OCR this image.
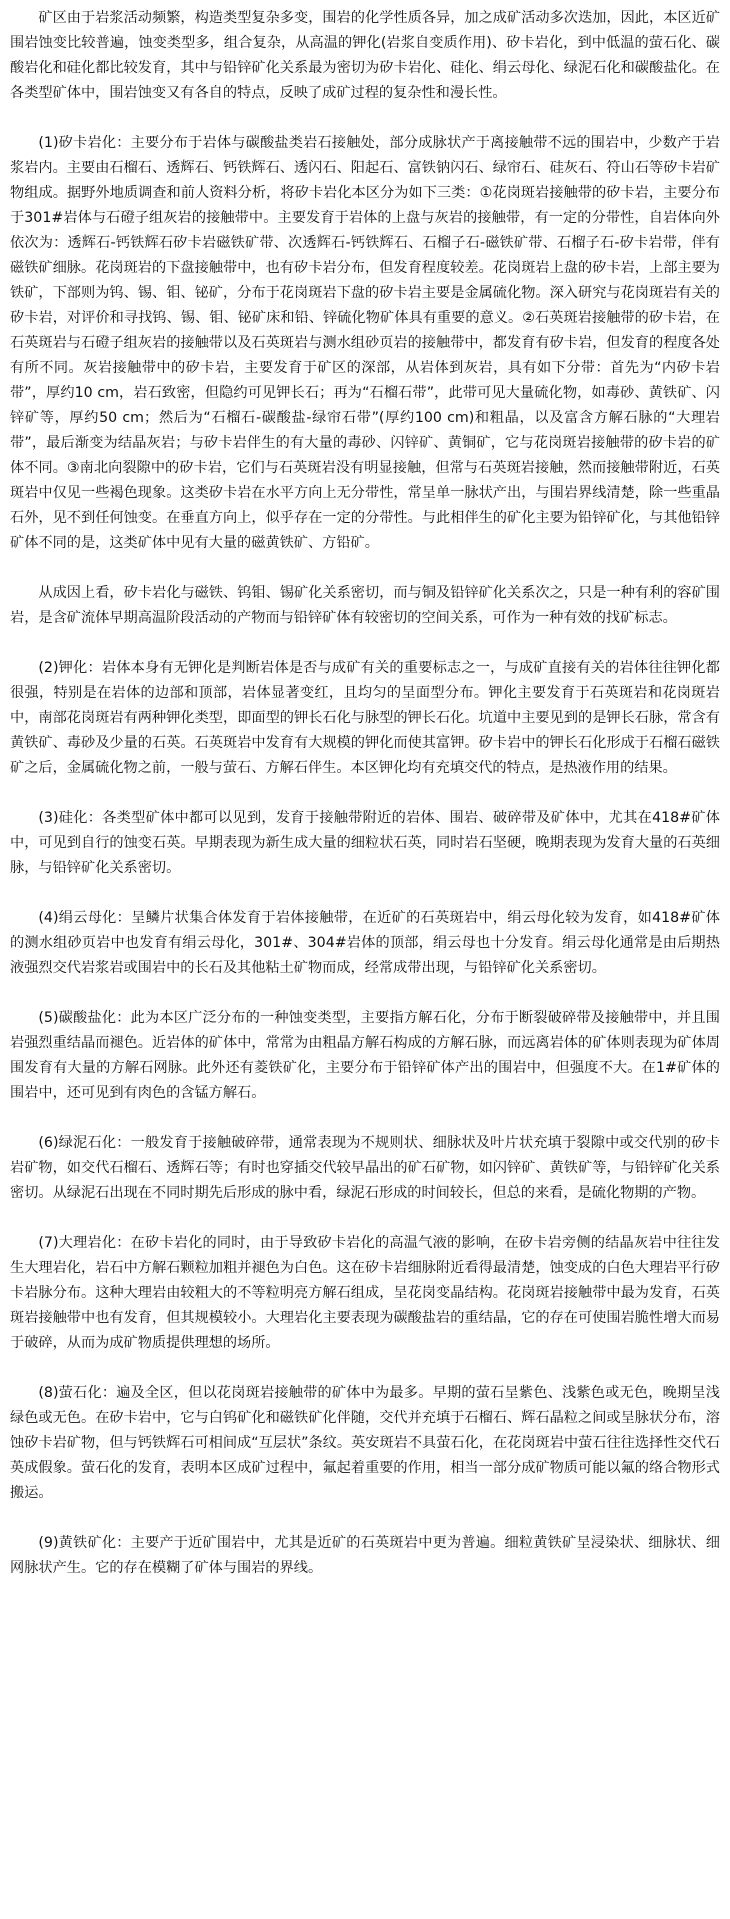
矿区由于岩浆活动频繁，构造类型复杂多变，围岩的化学性质各异，加之成矿活动多次迭加，因此，本区近矿围岩蚀变比较普遍，蚀变类型多，组合复杂，从高温的钾化(岩浆自变质作用)、矽卡岩化，到中低温的萤石化、碳酸岩化和硅化都比较发育，其中与铅锌矿化关系最为密切为矽卡岩化、硅化、绢云母化、绿泥石化和碳酸盐化。在各类型矿体中，围岩蚀变又有各自的特点，反映了成矿过程的复杂性和漫长性。

(1)矽卡岩化：主要分布于岩体与碳酸盐类岩石接触处，部分成脉状产于离接触带不远的围岩中，少数产于岩浆岩内。主要由石榴石、透辉石、钙铁辉石、透闪石、阳起石、富铁钠闪石、绿帘石、硅灰石、符山石等矽卡岩矿物组成。据野外地质调查和前人资料分析，将矽卡岩化本区分为如下三类：①花岗斑岩接触带的矽卡岩，主要分布于301#岩体与石磴子组灰岩的接触带中。主要发育于岩体的上盘与灰岩的接触带，有一定的分带性，自岩体向外依次为：透辉石-钙铁辉石矽卡岩磁铁矿带、次透辉石-钙铁辉石、石榴子石-磁铁矿带、石榴子石-矽卡岩带，伴有磁铁矿细脉。花岗斑岩的下盘接触带中，也有矽卡岩分布，但发育程度较差。花岗斑岩上盘的矽卡岩，上部主要为铁矿，下部则为钨、锡、钼、铋矿，分布于花岗斑岩下盘的矽卡岩主要是金属硫化物。深入研究与花岗斑岩有关的矽卡岩，对评价和寻找钨、锡、钼、铋矿床和铅、锌硫化物矿体具有重要的意义。②石英斑岩接触带的矽卡岩，在石英斑岩与石磴子组灰岩的接触带以及石英斑岩与测水组砂页岩的接触带中，都发育有矽卡岩，但发育的程度各处有所不同。灰岩接触带中的矽卡岩，主要发育于矿区的深部，从岩体到灰岩，具有如下分带：首先为“内矽卡岩带”，厚约10 cm，岩石致密，但隐约可见钾长石；再为“石榴石带”，此带可见大量硫化物，如毒砂、黄铁矿、闪锌矿等，厚约50 cm；然后为“石榴石-碳酸盐-绿帘石带”(厚约100 cm)和粗晶，以及富含方解石脉的“大理岩带”，最后渐变为结晶灰岩；与矽卡岩伴生的有大量的毒砂、闪锌矿、黄铜矿，它与花岗斑岩接触带的矽卡岩的矿体不同。③南北向裂隙中的矽卡岩，它们与石英斑岩没有明显接触，但常与石英斑岩接触，然而接触带附近，石英斑岩中仅见一些褐色现象。这类矽卡岩在水平方向上无分带性，常呈单一脉状产出，与围岩界线清楚，除一些重晶石外，见不到任何蚀变。在垂直方向上，似乎存在一定的分带性。与此相伴生的矿化主要为铅锌矿化，与其他铅锌矿体不同的是，这类矿体中见有大量的磁黄铁矿、方铅矿。

从成因上看，矽卡岩化与磁铁、钨钼、锡矿化关系密切，而与铜及铅锌矿化关系次之，只是一种有利的容矿围岩，是含矿流体早期高温阶段活动的产物而与铅锌矿体有较密切的空间关系，可作为一种有效的找矿标志。

(2)钾化：岩体本身有无钾化是判断岩体是否与成矿有关的重要标志之一，与成矿直接有关的岩体往往钾化都很强，特别是在岩体的边部和顶部，岩体显著变红，且均匀的呈面型分布。钾化主要发育于石英斑岩和花岗斑岩中，南部花岗斑岩有两种钾化类型，即面型的钾长石化与脉型的钾长石化。坑道中主要见到的是钾长石脉，常含有黄铁矿、毒砂及少量的石英。石英斑岩中发育有大规模的钾化而使其富钾。矽卡岩中的钾长石化形成于石榴石磁铁矿之后，金属硫化物之前，一般与萤石、方解石伴生。本区钾化均有充填交代的特点，是热液作用的结果。

(3)硅化：各类型矿体中都可以见到，发育于接触带附近的岩体、围岩、破碎带及矿体中，尤其在418#矿体中，可见到自行的蚀变石英。早期表现为新生成大量的细粒状石英，同时岩石坚硬，晚期表现为发育大量的石英细脉，与铅锌矿化关系密切。

(4)绢云母化：呈鳞片状集合体发育于岩体接触带，在近矿的石英斑岩中，绢云母化较为发育，如418#矿体的测水组砂页岩中也发育有绢云母化，301#、304#岩体的顶部，绢云母也十分发育。绢云母化通常是由后期热液强烈交代岩浆岩或围岩中的长石及其他粘土矿物而成，经常成带出现，与铅锌矿化关系密切。

(5)碳酸盐化：此为本区广泛分布的一种蚀变类型，主要指方解石化，分布于断裂破碎带及接触带中，并且围岩强烈重结晶而褪色。近岩体的矿体中，常常为由粗晶方解石构成的方解石脉，而远离岩体的矿体则表现为矿体周围发育有大量的方解石网脉。此外还有菱铁矿化，主要分布于铅锌矿体产出的围岩中，但强度不大。在1#矿体的围岩中，还可见到有肉色的含锰方解石。

(6)绿泥石化：一般发育于接触破碎带，通常表现为不规则状、细脉状及叶片状充填于裂隙中或交代别的矽卡岩矿物，如交代石榴石、透辉石等；有时也穿插交代较早晶出的矿石矿物，如闪锌矿、黄铁矿等，与铅锌矿化关系密切。从绿泥石出现在不同时期先后形成的脉中看，绿泥石形成的时间较长，但总的来看，是硫化物期的产物。

(7)大理岩化：在矽卡岩化的同时，由于导致矽卡岩化的高温气液的影响，在矽卡岩旁侧的结晶灰岩中往往发生大理岩化，岩石中方解石颗粒加粗并褪色为白色。这在矽卡岩细脉附近看得最清楚，蚀变成的白色大理岩平行矽卡岩脉分布。这种大理岩由较粗大的不等粒明亮方解石组成，呈花岗变晶结构。花岗斑岩接触带中最为发育，石英斑岩接触带中也有发育，但其规模较小。大理岩化主要表现为碳酸盐岩的重结晶，它的存在可使围岩脆性增大而易于破碎，从而为成矿物质提供理想的场所。

(8)萤石化：遍及全区，但以花岗斑岩接触带的矿体中为最多。早期的萤石呈紫色、浅紫色或无色，晚期呈浅绿色或无色。在矽卡岩中，它与白钨矿化和磁铁矿化伴随，交代并充填于石榴石、辉石晶粒之间或呈脉状分布，溶蚀矽卡岩矿物，但与钙铁辉石可相间成“互层状”条纹。英安斑岩不具萤石化，在花岗斑岩中萤石往往选择性交代石英成假象。萤石化的发育，表明本区成矿过程中，氟起着重要的作用，相当一部分成矿物质可能以氟的络合物形式搬运。

(9)黄铁矿化：主要产于近矿围岩中，尤其是近矿的石英斑岩中更为普遍。细粒黄铁矿呈浸染状、细脉状、细网脉状产生。它的存在模糊了矿体与围岩的界线。
